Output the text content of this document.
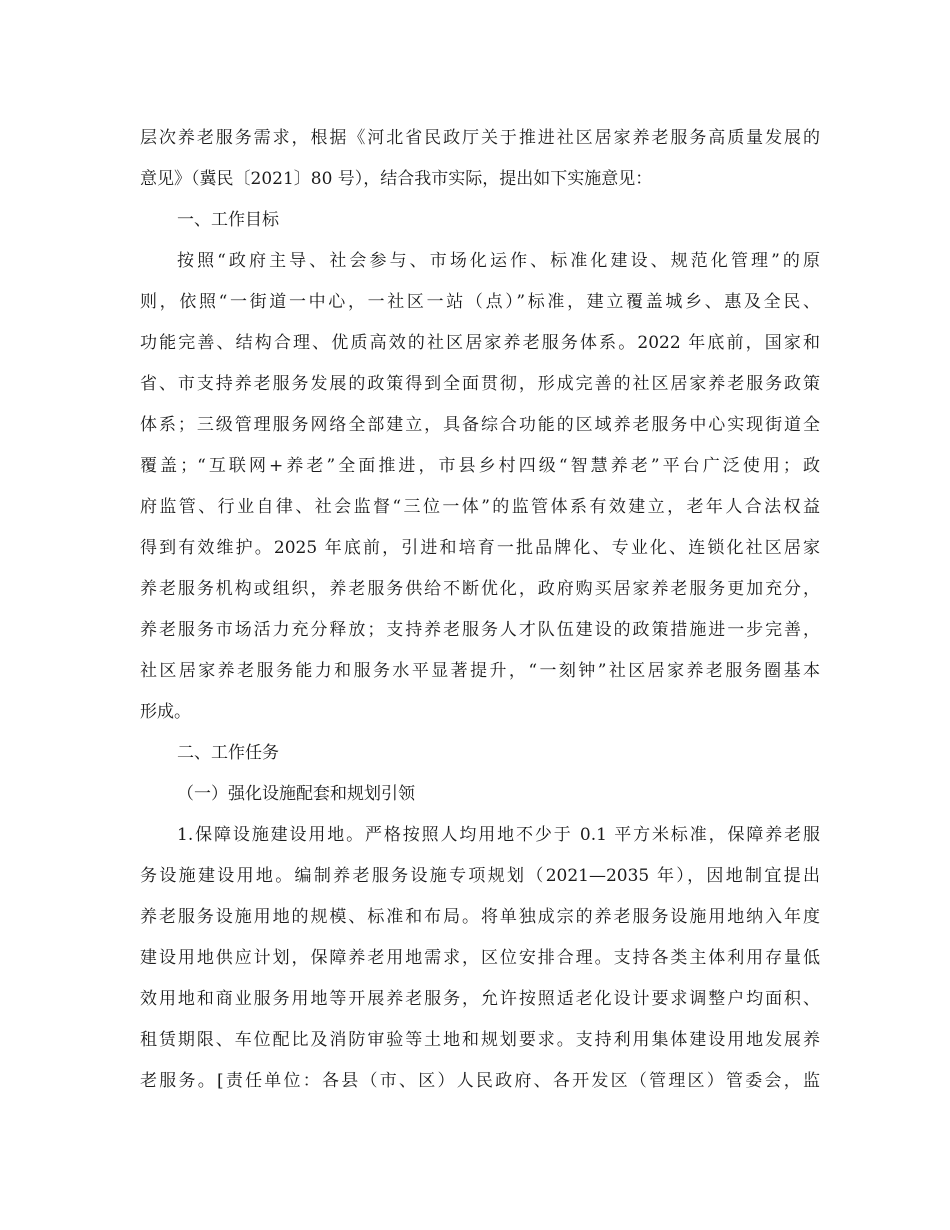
层次养老服务需求，根据《河北省民政厅关于推进社区居家养老服务高质量发展的
意见》（冀民〔2021〕80 号），结合我市实际，提出如下实施意见：
一、工作目标
按照“政府主导、社会参与、市场化运作、标准化建设、规范化管理”的原
则，依照“一街道一中心，一社区一站（点）”标准，建立覆盖城乡、惠及全民、
功能完善、结构合理、优质高效的社区居家养老服务体系。2022 年底前，国家和
省、市支持养老服务发展的政策得到全面贯彻，形成完善的社区居家养老服务政策
体系；三级管理服务网络全部建立，具备综合功能的区域养老服务中心实现街道全
覆盖；“互联网+养老”全面推进，市县乡村四级“智慧养老”平台广泛使用；政
府监管、行业自律、社会监督“三位一体”的监管体系有效建立，老年人合法权益
得到有效维护。2025 年底前，引进和培育一批品牌化、专业化、连锁化社区居家
养老服务机构或组织，养老服务供给不断优化，政府购买居家养老服务更加充分，
养老服务市场活力充分释放；支持养老服务人才队伍建设的政策措施进一步完善，
社区居家养老服务能力和服务水平显著提升，“一刻钟”社区居家养老服务圈基本
形成。
二、工作任务
（一）强化设施配套和规划引领
1.保障设施建设用地。严格按照人均用地不少于 0.1 平方米标准，保障养老服
务设施建设用地。编制养老服务设施专项规划（2021—2035 年），因地制宜提出
养老服务设施用地的规模、标准和布局。将单独成宗的养老服务设施用地纳入年度
建设用地供应计划，保障养老用地需求，区位安排合理。支持各类主体利用存量低
效用地和商业服务用地等开展养老服务，允许按照适老化设计要求调整户均面积、
租赁期限、车位配比及消防审验等土地和规划要求。支持利用集体建设用地发展养
老服务。[责任单位：各县（市、区）人民政府、各开发区（管理区）管委会，监
